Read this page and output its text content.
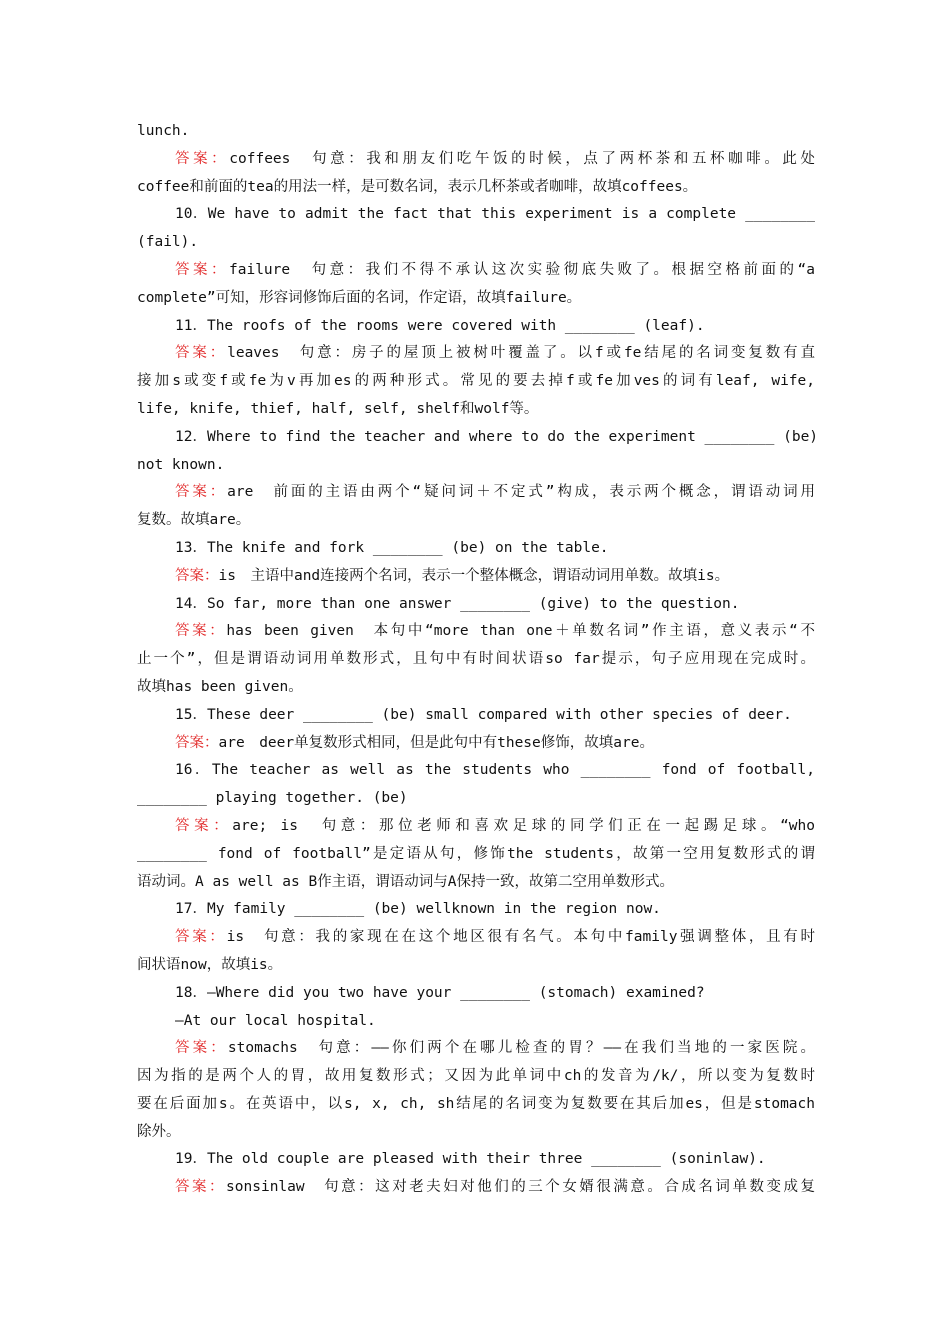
lunch.
答案：coffees　句意：我和朋友们吃午饭的时候，点了两杯茶和五杯咖啡。此处
coffee和前面的tea的用法一样，是可数名词，表示几杯茶或者咖啡，故填coffees。
10．We have to admit the fact that this experiment is a complete ________
(fail).
答案：failure　句意：我们不得不承认这次实验彻底失败了。根据空格前面的“a
complete”可知，形容词修饰后面的名词，作定语，故填failure。
11．The roofs of the rooms were covered with ________ (leaf).
答案：leaves　句意：房子的屋顶上被树叶覆盖了。以f或fe结尾的名词变复数有直
接加s或变f或fe为v再加es的两种形式。常见的要去掉f或fe加ves的词有leaf, wife,
life, knife, thief, half, self, shelf和wolf等。
12．Where to find the teacher and where to do the experiment ________ (be)
not known.
答案：are　前面的主语由两个“疑问词＋不定式”构成，表示两个概念，谓语动词用
复数。故填are。
13．The knife and fork ________ (be) on the table.
答案：is　主语中and连接两个名词，表示一个整体概念，谓语动词用单数。故填is。
14．So far, more than one answer ________ (give) to the question.
答案：has been given　本句中“more than one＋单数名词”作主语，意义表示“不
止一个”，但是谓语动词用单数形式，且句中有时间状语so far提示，句子应用现在完成时。
故填has been given。
15．These deer ________ (be) small compared with other species of deer.
答案：are　deer单复数形式相同，但是此句中有these修饰，故填are。
16．The teacher as well as the students who ________ fond of football,
________ playing together. (be)
答案：are; is　句意：那位老师和喜欢足球的同学们正在一起踢足球。“who
________ fond of football”是定语从句，修饰the students，故第一空用复数形式的谓
语动词。A as well as B作主语，谓语动词与A保持一致，故第二空用单数形式。
17．My family ________ (be) wellknown in the region now.
答案：is　句意：我的家现在在这个地区很有名气。本句中family强调整体，且有时
间状语now，故填is。
18．—Where did you two have your ________ (stomach) examined?
—At our local hospital.
答案：stomachs　句意：——你们两个在哪儿检查的胃？——在我们当地的一家医院。
因为指的是两个人的胃，故用复数形式；又因为此单词中ch的发音为/k/，所以变为复数时
要在后面加s。在英语中，以s, x, ch, sh结尾的名词变为复数要在其后加es，但是stomach
除外。
19．The old couple are pleased with their three ________ (soninlaw).
答案：sonsinlaw　句意：这对老夫妇对他们的三个女婿很满意。合成名词单数变成复
